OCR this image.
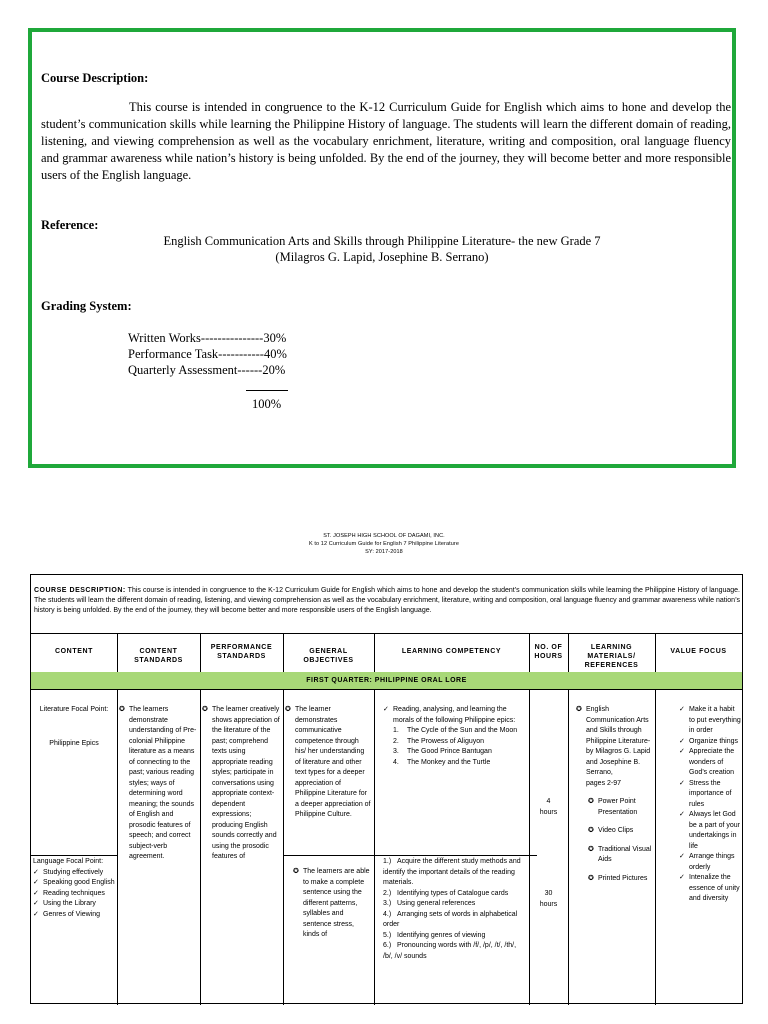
Course Description:
This course is intended in congruence to the K-12 Curriculum Guide for English which aims to hone and develop the student’s communication skills while learning the Philippine History of language. The students will learn the different domain of reading, listening, and viewing comprehension as well as the vocabulary enrichment, literature, writing and composition, oral language fluency and grammar awareness while nation’s history is being unfolded. By the end of the journey, they will become better and more responsible users of the English language.
Reference:
English Communication Arts and Skills through Philippine Literature- the new Grade 7
(Milagros G. Lapid, Josephine B. Serrano)
Grading System:
Written Works---------------30%
Performance Task-----------40%
Quarterly Assessment------20%
100%
ST. JOSEPH HIGH SCHOOL OF DAGAMI, INC.
K to 12 Curriculum Guide for English 7 Philippine Literature
SY: 2017-2018
COURSE DESCRIPTION: This course is intended in congruence to the K-12 Curriculum Guide for English which aims to hone and develop the student’s communication skills while learning the Philippine History of language. The students will learn the different domain of reading, listening, and viewing comprehension as well as the vocabulary enrichment, literature, writing and composition, oral language fluency and grammar awareness while nation’s history is being unfolded. By the end of the journey, they will become better and more responsible users of the English language.
CONTENT	CONTENT STANDARDS
PERFORMANCE STANDARDS
GENERAL OBJECTIVES
LEARNING COMPETENCY
NO. OF HOURS
LEARNING MATERIALS/ REFERENCES
VALUE FOCUS
FIRST QUARTER: PHILIPPINE ORAL LORE
Literature Focal Point:
Philippine Epics
Language Focal Point:
✓ Studying effectively
✓ Speaking good English
✓ Reading techniques
✓ Using the Library
✓ Genres of Viewing
✪ The learners demonstrate understanding of Pre-colonial Philippine literature as a means of connecting to the past; various reading styles; ways of determining word meaning; the sounds of English and prosodic features of speech; and correct subject-verb agreement.
✪ The learner creatively shows appreciation of the literature of the past; comprehend texts using appropriate reading styles; participate in conversations using appropriate context-dependent expressions; producing English sounds correctly and using the prosodic features of
✪ The learner demonstrates communicative competence through his/ her understanding of literature and other text types for a deeper appreciation of Philippine Literature for a deeper appreciation of Philippine Culture.
✪ The learners are able to make a complete sentence using the different patterns, syllables and sentence stress, kinds of
✓ Reading, analysing, and learning the morals of the following Philippine epics:
1. The Cycle of the Sun and the Moon
2. The Prowess of Aliguyon
3. The Good Prince Bantugan
4. The Monkey and the Turtle
1.) Acquire the different study methods and identify the important details of the reading materials.
2.) Identifying types of Catalogue cards
3.) Using general references
4.) Arranging sets of words in alphabetical order
5.) Identifying genres of viewing
6.) Pronouncing words with /f/, /p/, /t/, /th/, /b/, /v/ sounds
4
hours
30
hours
✪ English Communication Arts and Skills through Philippine Literature- by Milagros G. Lapid and Josephine B. Serrano,
pages 2-97
✪ Power Point Presentation
✪ Video Clips
✪ Traditional Visual Aids
✪ Printed Pictures
✓ Make it a habit to put everything in order
✓ Organize things
✓ Appreciate the wonders of God’s creation
✓ Stress the importance of rules
✓ Always let God be a part of your undertakings in life
✓ Arrange things orderly
✓ Intenalize the essence of unity and diversity
